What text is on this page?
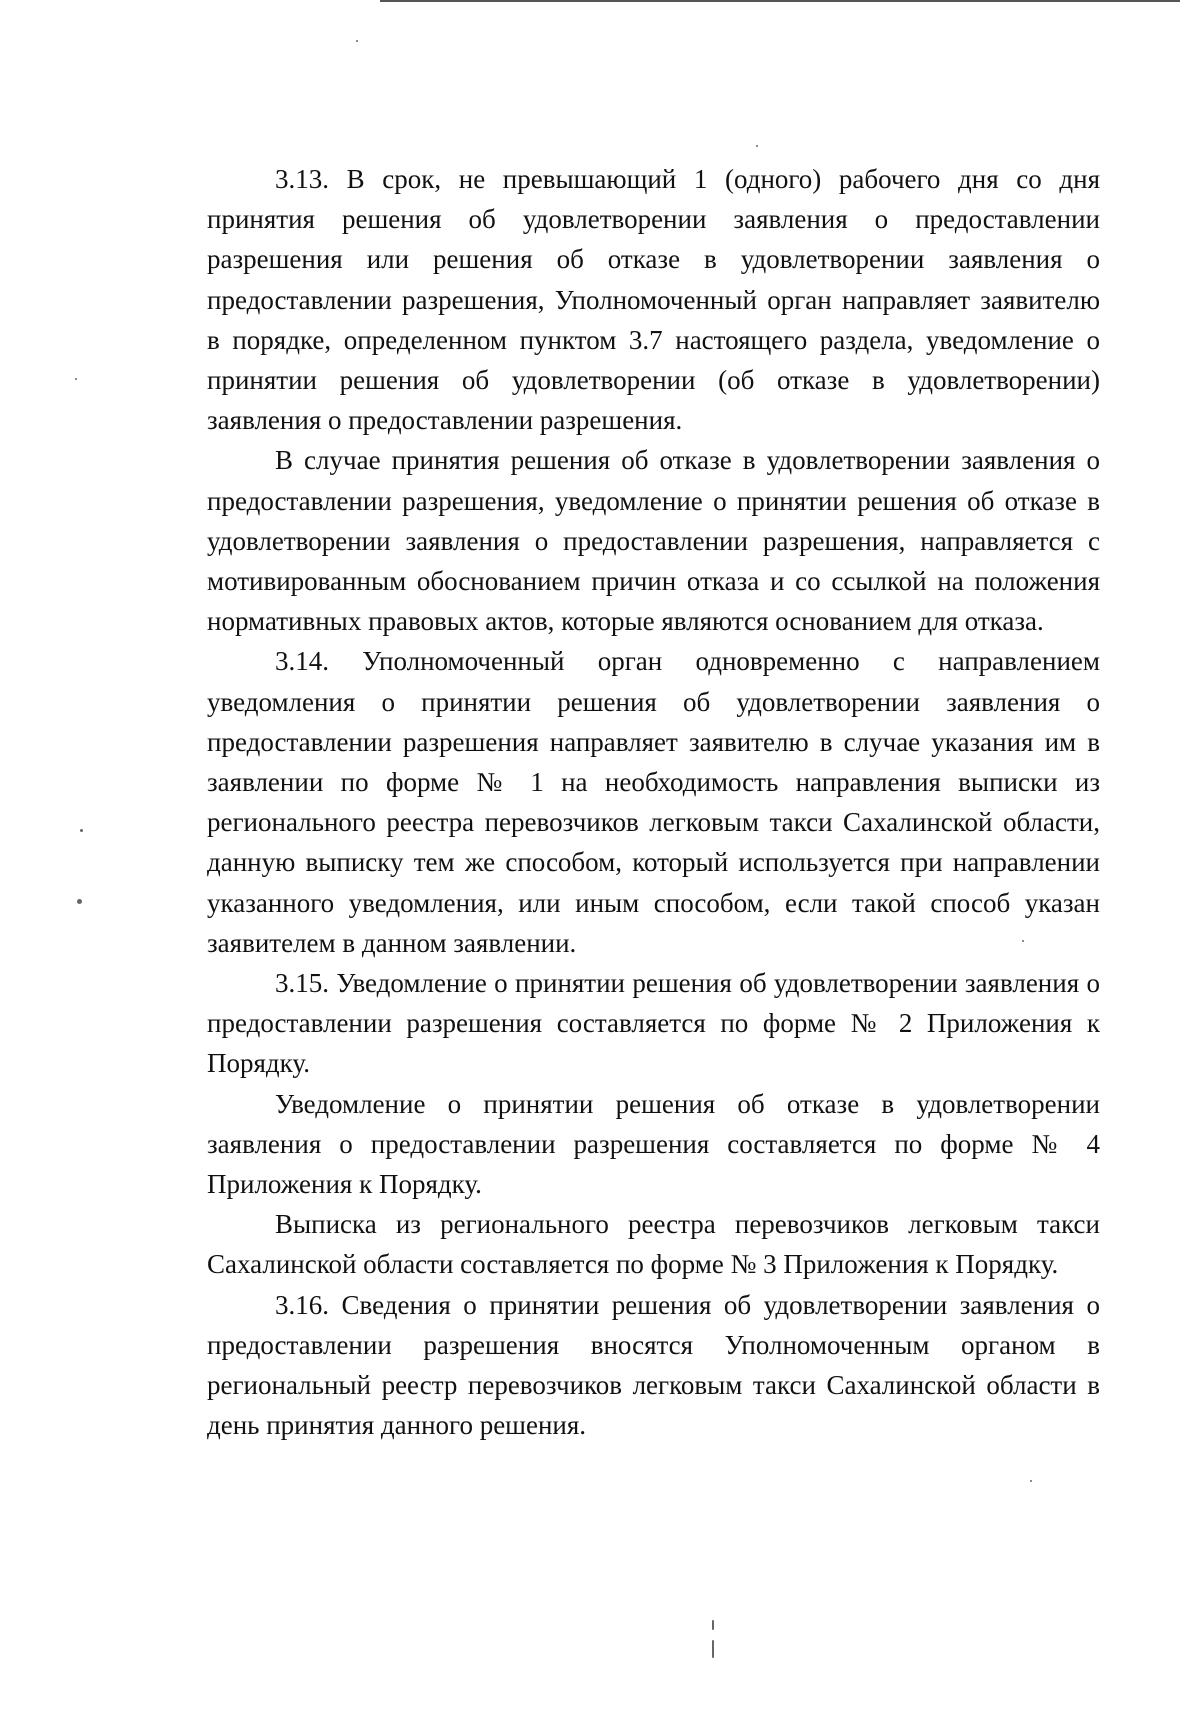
3.13. В срок, не превышающий 1 (одного) рабочего дня со дня принятия решения об удовлетворении заявления о предоставлении разрешения или решения об отказе в удовлетворении заявления о предоставлении разрешения, Уполномоченный орган направляет заявителю в порядке, определенном пунктом 3.7 настоящего раздела, уведомление о принятии решения об удовлетворении (об отказе в удовлетворении) заявления о предоставлении разрешения.

В случае принятия решения об отказе в удовлетворении заявления о предоставлении разрешения, уведомление о принятии решения об отказе в удовлетворении заявления о предоставлении разрешения, направляется с мотивированным обоснованием причин отказа и со ссылкой на положения нормативных правовых актов, которые являются основанием для отказа.

3.14. Уполномоченный орган одновременно с направлением уведомления о принятии решения об удовлетворении заявления о предоставлении разрешения направляет заявителю в случае указания им в заявлении по форме № 1 на необходимость направления выписки из регионального реестра перевозчиков легковым такси Сахалинской области, данную выписку тем же способом, который используется при направлении указанного уведомления, или иным способом, если такой способ указан заявителем в данном заявлении.

3.15. Уведомление о принятии решения об удовлетворении заявления о предоставлении разрешения составляется по форме № 2 Приложения к Порядку.

Уведомление о принятии решения об отказе в удовлетворении заявления о предоставлении разрешения составляется по форме № 4 Приложения к Порядку.

Выписка из регионального реестра перевозчиков легковым такси Сахалинской области составляется по форме № 3 Приложения к Порядку.

3.16. Сведения о принятии решения об удовлетворении заявления о предоставлении разрешения вносятся Уполномоченным органом в региональный реестр перевозчиков легковым такси Сахалинской области в день принятия данного решения.
